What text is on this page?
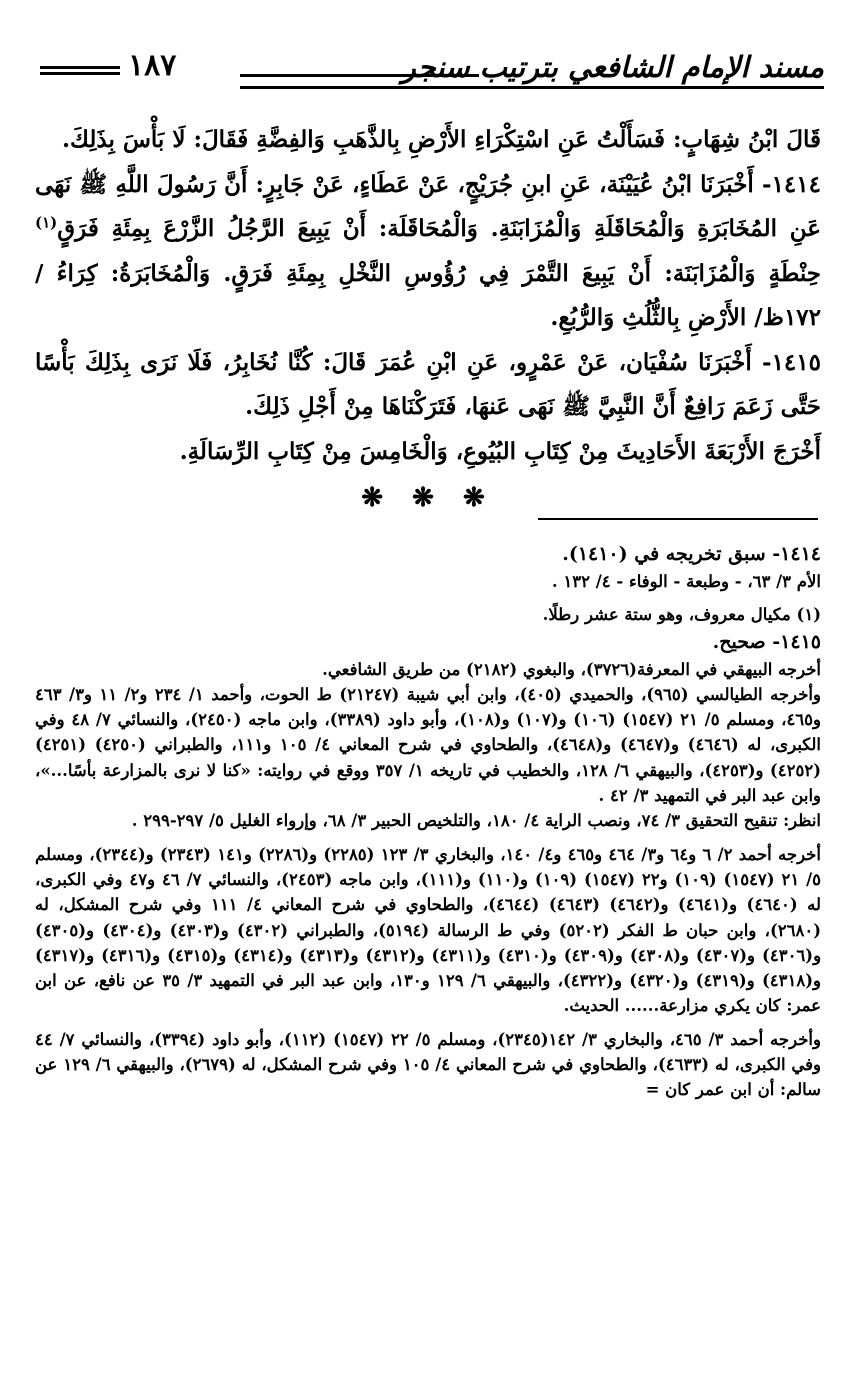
مسند الإمام الشافعي بترتيب سنجر
١٨٧

قَالَ ابْنُ شِهَابٍ: فَسَأَلْتُ عَنِ اسْتِكْرَاءِ الأَرْضِ بِالذَّهَبِ وَالفِضَّةِ فَقَالَ: لَا بَأْسَ بِذَلِكَ.

١٤١٤- أَخْبَرَنَا ابْنُ عُيَيْنَة، عَنِ ابنِ جُرَيْجٍ، عَنْ عَطَاءٍ، عَنْ جَابِرٍ: أَنَّ رَسُولَ اللَّهِ ﷺ نَهَى عَنِ المُخَابَرَةِ وَالْمُحَاقَلَةِ وَالْمُزَابَنَةِ. وَالْمُحَاقَلَة: أَنْ يَبِيعَ الرَّجُلُ الزَّرْعَ بِمِئَةِ فَرَقٍ$^{(١)}$ حِنْطَةٍ وَالْمُزَابَنَة: أَنْ يَبِيعَ التَّمْرَ فِي رُؤُوسِ النَّخْلِ بِمِئَةِ فَرَقٍ. وَالْمُخَابَرَةُ: كِرَاءُ / ١٧٢ظ/ الأَرْضِ بِالثُّلُثِ وَالرُّبُعِ.

١٤١٥- أَخْبَرَنَا سُفْيَان، عَنْ عَمْرٍو، عَنِ ابْنِ عُمَرَ قَالَ: كُنَّا نُخَابِرُ، فَلَا نَرَى بِذَلِكَ بَأْسًا حَتَّى زَعَمَ رَافِعٌ أَنَّ النَّبِيَّ ﷺ نَهَى عَنهَا، فَتَرَكْنَاهَا مِنْ أَجْلِ ذَلِكَ.

أَخْرَجَ الأَرْبَعَةَ الأَحَادِيثَ مِنْ كِتَابِ البُيُوعِ، وَالْخَامِسَ مِنْ كِتَابِ الرِّسَالَةِ.

❋ ❋ ❋

١٤١٤- سبق تخريجه في (١٤١٠).

الأم ٣/ ٦٣، - وطبعة - الوفاء - ٤/ ١٣٢ .

(١) مكيال معروف، وهو ستة عشر رطلًا.

١٤١٥- صحيح.

أخرجه البيهقي في المعرفة(٣٧٢٦)، والبغوي (٢١٨٢) من طريق الشافعي.

وأخرجه الطيالسي (٩٦٥)، والحميدي (٤٠٥)، وابن أبي شيبة (٢١٢٤٧) ط الحوت، وأحمد ١/ ٢٣٤ و٢/ ١١ و٣/ ٤٦٣ و٤٦٥، ومسلم ٥/ ٢١ (١٥٤٧) (١٠٦) و(١٠٧) و(١٠٨)، وأبو داود (٣٣٨٩)، وابن ماجه (٢٤٥٠)، والنسائي ٧/ ٤٨ وفي الكبرى، له (٤٦٤٦) و(٤٦٤٧) و(٤٦٤٨)، والطحاوي في شرح المعاني ٤/ ١٠٥ و١١١، والطبراني (٤٢٥٠) (٤٢٥١) (٤٢٥٢) و(٤٢٥٣)، والبيهقي ٦/ ١٢٨، والخطيب في تاريخه ١/ ٣٥٧ ووقع في روايته: «كنا لا نرى بالمزارعة بأسًا...»، وابن عبد البر في التمهيد ٣/ ٤٢ .

انظر: تنقيح التحقيق ٣/ ٧٤، ونصب الراية ٤/ ١٨٠، والتلخيص الحبير ٣/ ٦٨، وإرواء الغليل ٥/ ٢٩٧-٢٩٩ .

أخرجه أحمد ٢/ ٦ و٦٤ و٣/ ٤٦٤ و٤٦٥ و٤/ ١٤٠، والبخاري ٣/ ١٢٣ (٢٢٨٥) و(٢٢٨٦) و١٤١ (٢٣٤٣) و(٢٣٤٤)، ومسلم ٥/ ٢١ (١٥٤٧) (١٠٩) و٢٢ (١٥٤٧) (١٠٩) و(١١٠) و(١١١)، وابن ماجه (٢٤٥٣)، والنسائي ٧/ ٤٦ و٤٧ وفي الكبرى، له (٤٦٤٠) و(٤٦٤١) و(٤٦٤٢) (٤٦٤٣) (٤٦٤٤)، والطحاوي في شرح المعاني ٤/ ١١١ وفي شرح المشكل، له (٢٦٨٠)، وابن حبان ط الفكر (٥٢٠٢) وفي ط الرسالة (٥١٩٤)، والطبراني (٤٣٠٢) و(٤٣٠٣) و(٤٣٠٤) و(٤٣٠٥) و(٤٣٠٦) و(٤٣٠٧) و(٤٣٠٨) و(٤٣٠٩) و(٤٣١٠) و(٤٣١١) و(٤٣١٢) و(٤٣١٣) و(٤٣١٤) و(٤٣١٥) و(٤٣١٦) و(٤٣١٧) و(٤٣١٨) و(٤٣١٩) و(٤٣٢٠) و(٤٣٢٢)، والبيهقي ٦/ ١٢٩ و١٣٠، وابن عبد البر في التمهيد ٣/ ٣٥ عن نافع، عن ابن عمر: كان يكري مزارعة...... الحديث.

وأخرجه أحمد ٣/ ٤٦٥، والبخاري ٣/ ١٤٢(٢٣٤٥)، ومسلم ٥/ ٢٢ (١٥٤٧) (١١٢)، وأبو داود (٣٣٩٤)، والنسائي ٧/ ٤٤ وفي الكبرى، له (٤٦٣٣)، والطحاوي في شرح المعاني ٤/ ١٠٥ وفي شرح المشكل، له (٢٦٧٩)، والبيهقي ٦/ ١٢٩ عن سالم: أن ابن عمر كان =
